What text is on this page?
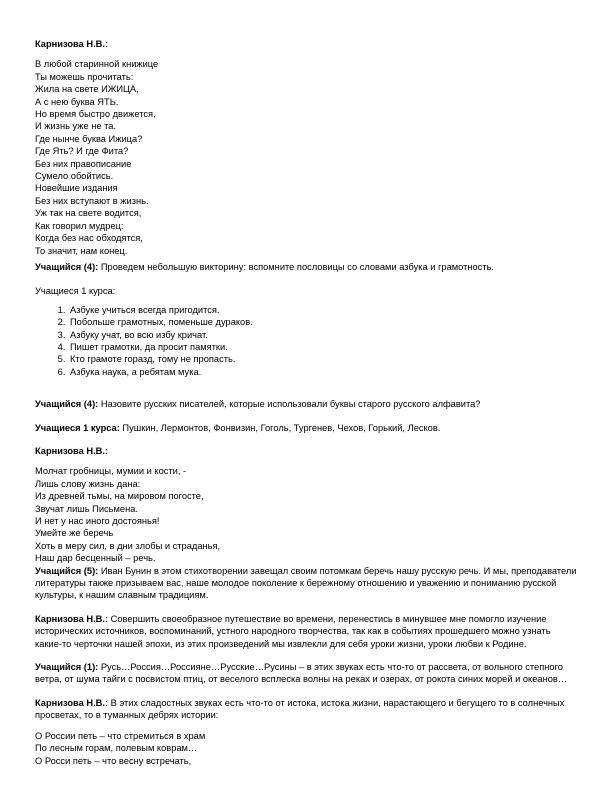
Карнизова Н.В.:

В любой старинной книжице

Ты можешь прочитать:

Жила на свете ИЖИЦА,

А с нею буква ЯТЬ.

Но время быстро движется,

И жизнь уже не та.

Где нынче буква Ижица?

Где Ять? И где Фита?

Без них правописание

Сумело обойтись.

Новейшие издания

Без них вступают в жизнь.

Уж так на свете водится,

Как говорил мудрец:

Когда без нас обходятся,

То значит, нам конец.

Учащийся (4): Проведем небольшую викторину: вспомните пословицы со словами азбука и грамотность.

Учащиеся 1 курса:

1. Азбуке учиться всегда пригодится.
2. Побольше грамотных, поменьше дураков.
3. Азбуку учат, во всю избу кричат.
4. Пишет грамотки, да просит памятки.
5. Кто грамоте горазд, тому не пропасть.
6. Азбука наука, а ребятам мука.

Учащийся (4): Назовите русских писателей, которые использовали буквы старого русского алфавита?

Учащиеся 1 курса: Пушкин, Лермонтов, Фонвизин, Гоголь, Тургенев, Чехов, Горький, Лесков.

Карнизова Н.В.:

Молчат гробницы, мумии и кости, -

Лишь слову жизнь дана:

Из древней тьмы, на мировом погосте,

Звучат лишь Письмена.

И нет у нас иного достоянья!

Умейте же беречь

Хоть в меру сил, в дни злобы и страданья,

Наш дар бесценный – речь.

Учащийся (5): Иван Бунин в этом стихотворении завещал своим потомкам беречь нашу русскую речь. И мы, преподаватели литературы также призываем вас, наше молодое поколение к бережному отношению и уважению и пониманию русской культуры, к нашим славным традициям.

Карнизова Н.В.: Совершить своеобразное путешествие во времени, перенестись в минувшее мне помогло изучение исторических источников, воспоминаний, устного народного творчества, так как в событиях прошедшего можно узнать какие-то черточки нашей эпохи, из этих произведений мы извлекли для себя уроки жизни, уроки любви к Родине.

Учащийся (1): Русь…Россия…Россияне…Русские…Русины – в этих звуках есть что-то от рассвета, от вольного степного ветра, от шума тайги с посвистом птиц, от веселого всплеска волны на реках и озерах, от рокота синих морей и океанов…

Карнизова Н.В.: В этих сладостных звуках есть что-то от истока, истока жизни, нарастающего и бегущего то в солнечных просветах, то в туманных дебрях истории:

О России петь – что стремиться в храм

По лесным горам, полевым коврам…

О Росси петь – что весну встречать,
